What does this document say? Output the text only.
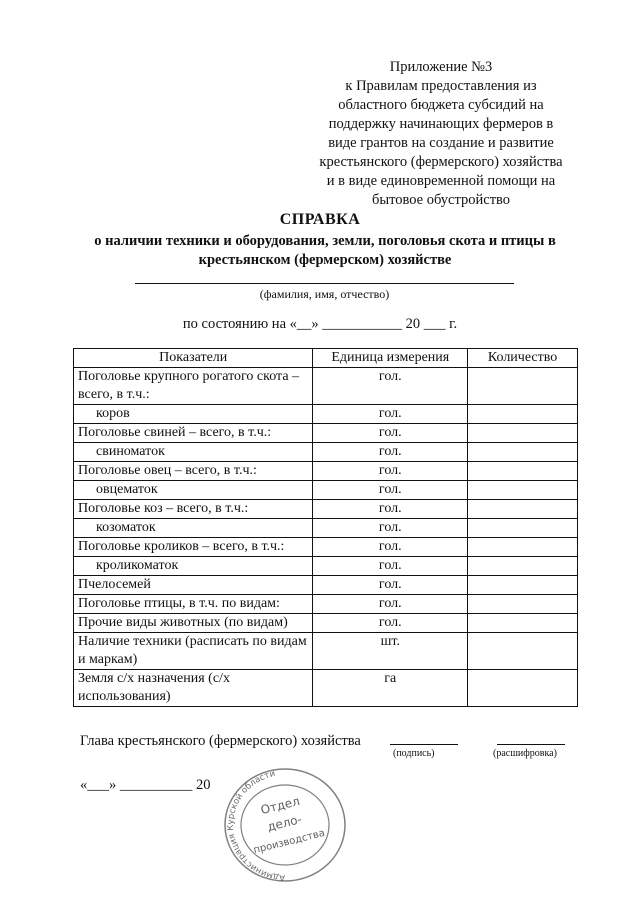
Приложение №3
к Правилам предоставления из
областного бюджета субсидий на
поддержку начинающих фермеров в
виде грантов на создание и развитие
крестьянского (фермерского) хозяйства
и в виде единовременной помощи на
бытовое обустройство
СПРАВКА
о наличии техники и оборудования, земли, поголовья скота и птицы в крестьянском (фермерском) хозяйстве
(фамилия, имя, отчество)
по состоянию на «__» ___________ 20 ___ г.
Показатели	Единица измерения	Количество
Поголовье крупного рогатого скота – всего, в т.ч.:	гол.	
коров	гол.	
Поголовье свиней – всего, в т.ч.:	гол.	
свиноматок	гол.	
Поголовье овец – всего, в т.ч.:	гол.	
овцематок	гол.	
Поголовье коз – всего, в т.ч.:	гол.	
козоматок	гол.	
Поголовье кроликов – всего, в т.ч.:	гол.	
кроликоматок	гол.	
Пчелосемей	гол.	
Поголовье птицы, в т.ч. по видам:	гол.	
Прочие виды животных (по видам)	гол.	
Наличие техники (расписать по видам и маркам)	шт.	
Земля с/х назначения (с/х использования)	га	
Глава крестьянского (фермерского) хозяйства
(подпись)	(расшифровка)
«___» __________ 20
Администрация Курской области
Отдел
дело-
производства
